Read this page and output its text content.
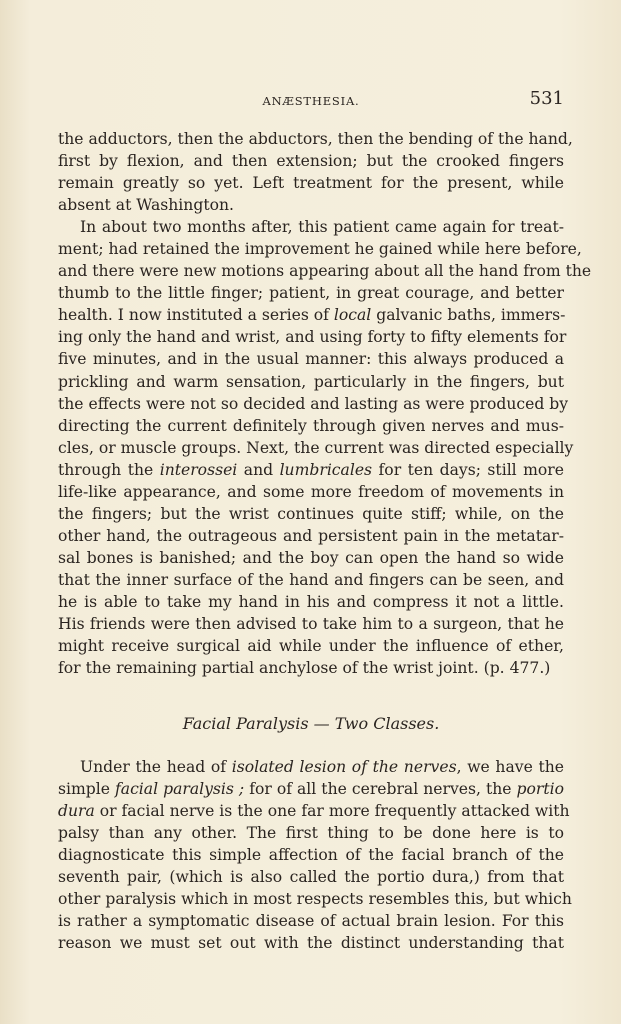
ANÆSTHESIA.	531
the adductors, then the abductors, then the bending of the hand,
first by flexion, and then extension; but the crooked fingers
remain greatly so yet. Left treatment for the present, while
absent at Washington.
In about two months after, this patient came again for treat-
ment; had retained the improvement he gained while here before,
and there were new motions appearing about all the hand from the
thumb to the little finger; patient, in great courage, and better
health. I now instituted a series of local galvanic baths, immers-
ing only the hand and wrist, and using forty to fifty elements for
five minutes, and in the usual manner: this always produced a
prickling and warm sensation, particularly in the fingers, but
the effects were not so decided and lasting as were produced by
directing the current definitely through given nerves and mus-
cles, or muscle groups. Next, the current was directed especially
through the interossei and lumbricales for ten days; still more
life-like appearance, and some more freedom of movements in
the fingers; but the wrist continues quite stiff; while, on the
other hand, the outrageous and persistent pain in the metatar-
sal bones is banished; and the boy can open the hand so wide
that the inner surface of the hand and fingers can be seen, and
he is able to take my hand in his and compress it not a little.
His friends were then advised to take him to a surgeon, that he
might receive surgical aid while under the influence of ether,
for the remaining partial anchylose of the wrist joint. (p. 477.)
Facial Paralysis — Two Classes.
Under the head of isolated lesion of the nerves, we have the
simple facial paralysis ; for of all the cerebral nerves, the portio
dura or facial nerve is the one far more frequently attacked with
palsy than any other. The first thing to be done here is to
diagnosticate this simple affection of the facial branch of the
seventh pair, (which is also called the portio dura,) from that
other paralysis which in most respects resembles this, but which
is rather a symptomatic disease of actual brain lesion. For this
reason we must set out with the distinct understanding that
